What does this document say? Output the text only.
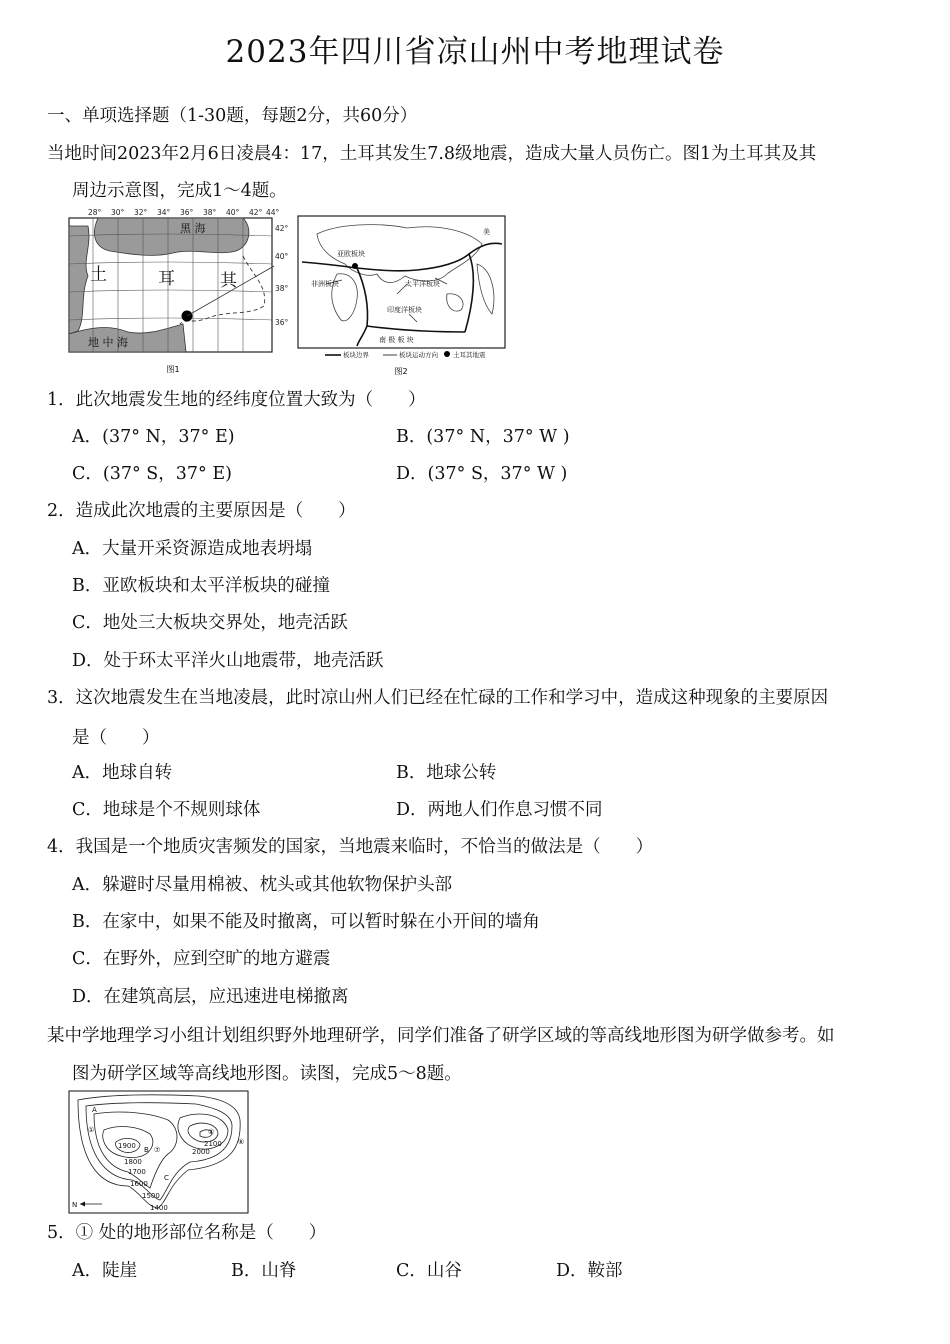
2023年四川省凉山州中考地理试卷
一、单项选择题（1-30题，每题2分，共60分）
当地时间2023年2月6日凌晨4：17，土耳其发生7.8级地震，造成大量人员伤亡。图1为土耳其及其
周边示意图，完成1～4题。
28° 30° 32° 34° 36° 38° 40° 42° 44°
黑 海
地 中 海
土	耳	其
图1
42°
40°
38°
36°
亚欧板块
非洲板块	太平洋板块
印度洋板块
南 极 板 块
美
板块边界	板块运动方向 土耳其地震
图2
1．此次地震发生地的经纬度位置大致为（　　）
A．(37° N，37° E)	B．(37° N，37° W )
C．(37° S，37° E)	D．(37° S，37° W )
2．造成此次地震的主要原因是（　　）
A．大量开采资源造成地表坍塌
B．亚欧板块和太平洋板块的碰撞
C．地处三大板块交界处，地壳活跃
D．处于环太平洋火山地震带，地壳活跃
3．这次地震发生在当地凌晨，此时凉山州人们已经在忙碌的工作和学习中，造成这种现象的主要原因
是（　　）
A．地球自转	B．地球公转
C．地球是个不规则球体	D．两地人们作息习惯不同
4．我国是一个地质灾害频发的国家，当地震来临时，不恰当的做法是（　　）
A．躲避时尽量用棉被、枕头或其他软物保护头部
B．在家中，如果不能及时撤离，可以暂时躲在小开间的墙角
C．在野外，应到空旷的地方避震
D．在建筑高层，应迅速进电梯撤离
某中学地理学习小组计划组织野外地理研学，同学们准备了研学区域的等高线地形图为研学做参考。如
图为研学区域等高线地形图。读图，完成5～8题。
A
B
C
①
⑦
②
⑥
1900
1800
1700
1600
1500
1400
2000
2100
N
5．① 处的地形部位名称是（　　）
A．陡崖	B．山脊	C．山谷	D．鞍部
